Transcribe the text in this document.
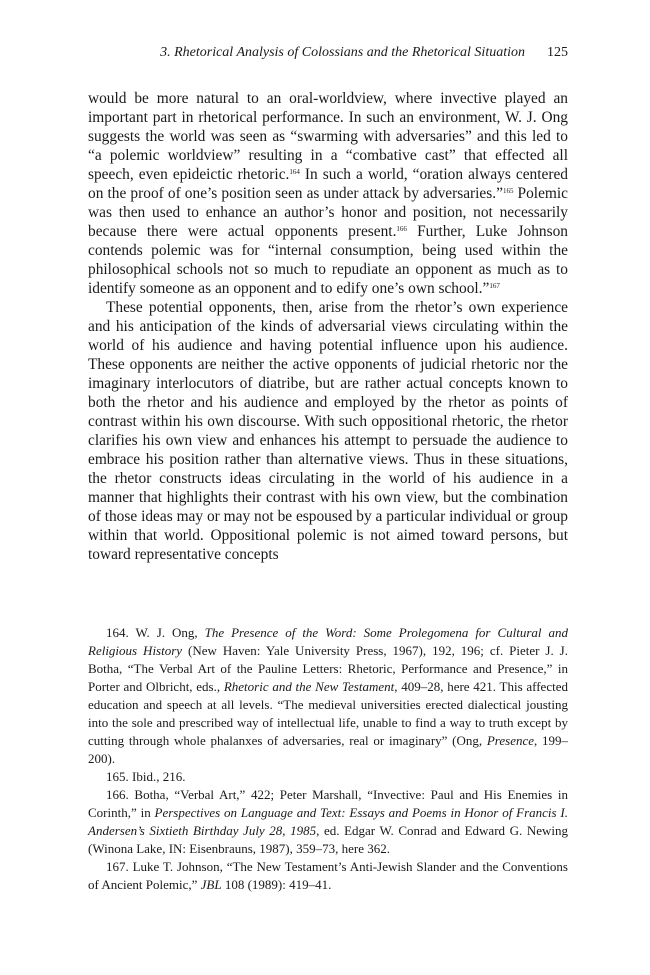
3. Rhetorical Analysis of Colossians and the Rhetorical Situation 125

would be more natural to an oral-worldview, where invective played an important part in rhetorical performance. In such an environment, W. J. Ong suggests the world was seen as “swarming with adversaries” and this led to “a polemic worldview” resulting in a “combative cast” that effected all speech, even epideictic rhetoric.$^{164}$ In such a world, “oration always centered on the proof of one’s position seen as under attack by adversaries.”$^{165}$ Polemic was then used to enhance an author’s honor and position, not necessarily because there were actual opponents present.$^{166}$ Further, Luke Johnson contends polemic was for “internal consumption, being used within the philosophical schools not so much to repudiate an opponent as much as to identify someone as an opponent and to edify one’s own school.”$^{167}$

These potential opponents, then, arise from the rhetor’s own experience and his anticipation of the kinds of adversarial views circulating within the world of his audience and having potential influence upon his audience. These opponents are neither the active opponents of judicial rhetoric nor the imaginary interlocutors of diatribe, but are rather actual concepts known to both the rhetor and his audience and employed by the rhetor as points of contrast within his own discourse. With such oppositional rhetoric, the rhetor clarifies his own view and enhances his attempt to persuade the audience to embrace his position rather than alternative views. Thus in these situations, the rhetor constructs ideas circulating in the world of his audience in a manner that highlights their contrast with his own view, but the combination of those ideas may or may not be espoused by a particular individual or group within that world. Oppositional polemic is not aimed toward persons, but toward representative concepts

164. W. J. Ong, The Presence of the Word: Some Prolegomena for Cultural and Religious History (New Haven: Yale University Press, 1967), 192, 196; cf. Pieter J. J. Botha, “The Verbal Art of the Pauline Letters: Rhetoric, Performance and Presence,” in Porter and Olbricht, eds., Rhetoric and the New Testament, 409–28, here 421. This affected education and speech at all levels. “The medieval universities erected dialectical jousting into the sole and prescribed way of intellectual life, unable to find a way to truth except by cutting through whole phalanxes of adversaries, real or imaginary” (Ong, Presence, 199–200).

165. Ibid., 216.

166. Botha, “Verbal Art,” 422; Peter Marshall, “Invective: Paul and His Enemies in Corinth,” in Perspectives on Language and Text: Essays and Poems in Honor of Francis I. Andersen’s Sixtieth Birthday July 28, 1985, ed. Edgar W. Conrad and Edward G. Newing (Winona Lake, IN: Eisenbrauns, 1987), 359–73, here 362.

167. Luke T. Johnson, “The New Testament’s Anti-Jewish Slander and the Conventions of Ancient Polemic,” JBL 108 (1989): 419–41.
